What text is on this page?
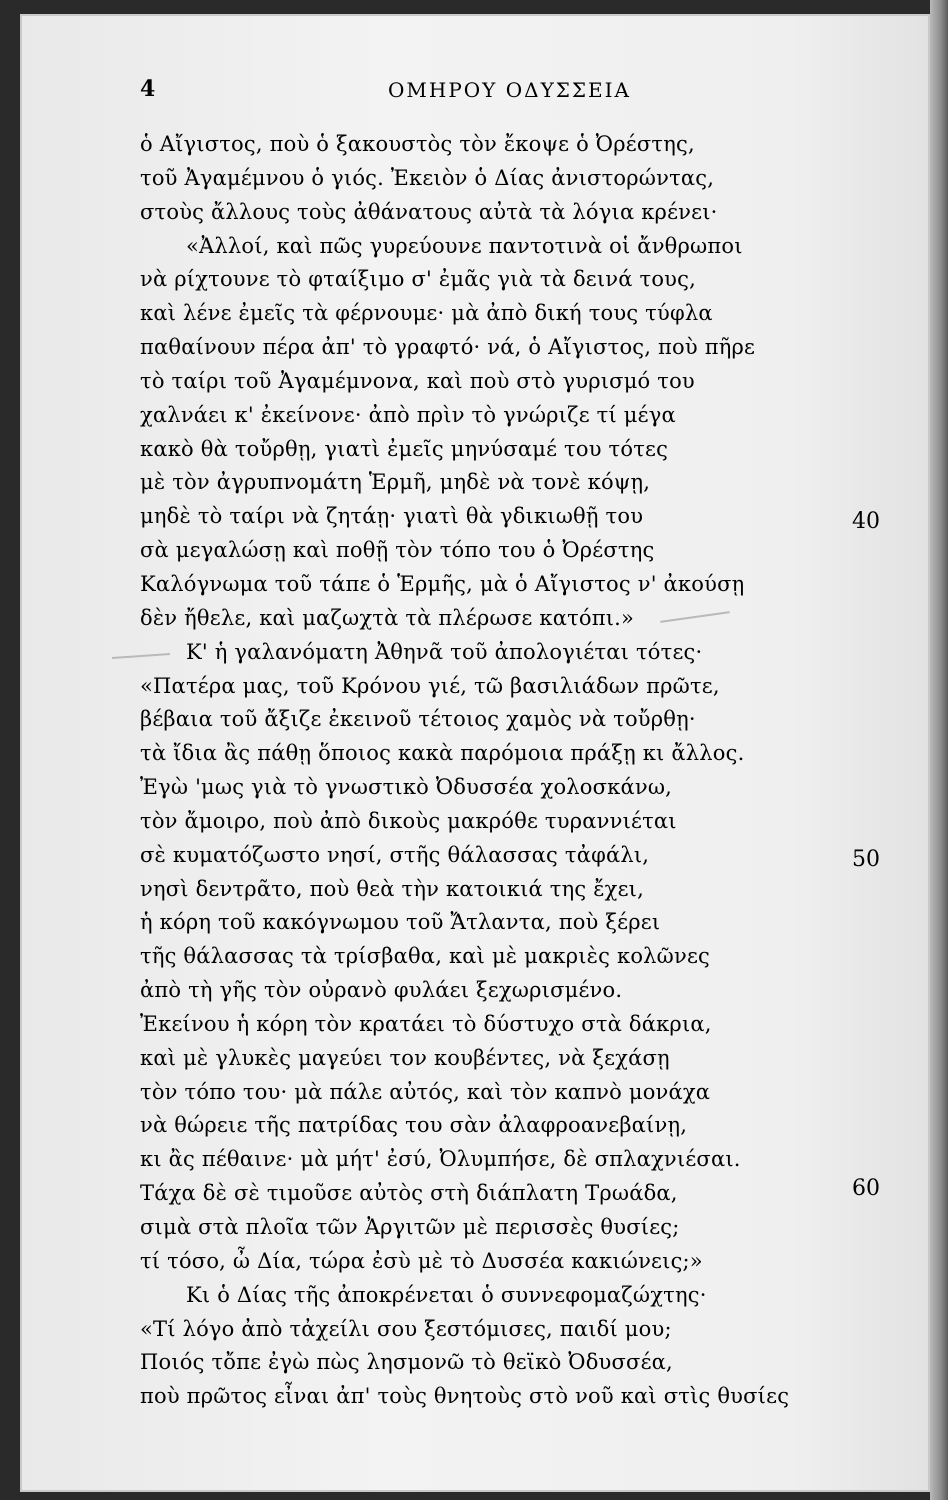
4	ΟΜΗΡΟΥ ΟΔΥΣΣΕΙΑ
ὁ Αἴγιστος, ποὺ ὁ ξακουστὸς τὸν ἔκοψε ὁ Ὀρέστης,
τοῦ Ἀγαμέμνου ὁ γιός. Ἐκειὸν ὁ Δίας ἀνιστορώντας,
στοὺς ἄλλους τοὺς ἀθάνατους αὐτὰ τὰ λόγια κρένει·
«Ἀλλοί, καὶ πῶς γυρεύουνε παντοτινὰ οἱ ἄνθρωποι
νὰ ρίχτουνε τὸ φταίξιμο σ' ἐμᾶς γιὰ τὰ δεινά τους,
καὶ λένε ἐμεῖς τὰ φέρνουμε· μὰ ἀπὸ δική τους τύφλα
παθαίνουν πέρα ἀπ' τὸ γραφτό· νά, ὁ Αἴγιστος, ποὺ πῆρε
τὸ ταίρι τοῦ Ἀγαμέμνονα, καὶ ποὺ στὸ γυρισμό του
χαλνάει κ' ἐκείνονε· ἀπὸ πρὶν τὸ γνώριζε τί μέγα
κακὸ θὰ τοὔρθῃ, γιατὶ ἐμεῖς μηνύσαμέ του τότες
μὲ τὸν ἀγρυπνομάτη Ἑρμῆ, μηδὲ νὰ τονὲ κόψῃ,
μηδὲ τὸ ταίρι νὰ ζητάῃ· γιατὶ θὰ γδικιωθῇ του
σὰ μεγαλώσῃ καὶ ποθῇ τὸν τόπο του ὁ Ὀρέστης
Καλόγνωμα τοῦ τάπε ὁ Ἑρμῆς, μὰ ὁ Αἴγιστος ν' ἀκούσῃ
δὲν ἤθελε, καὶ μαζωχτὰ τὰ πλέρωσε κατόπι.»
Κ' ἡ γαλανόματη Ἀθηνᾶ τοῦ ἀπολογιέται τότες·
«Πατέρα μας, τοῦ Κρόνου γιέ, τῶ βασιλιάδων πρῶτε,
βέβαια τοῦ ἄξιζε ἐκεινοῦ τέτοιος χαμὸς νὰ τοὔρθῃ·
τὰ ἴδια ἂς πάθῃ ὅποιος κακὰ παρόμοια πράξῃ κι ἄλλος.
Ἐγὼ 'μως γιὰ τὸ γνωστικὸ Ὀδυσσέα χολοσκάνω,
τὸν ἄμοιρο, ποὺ ἀπὸ δικοὺς μακρόθε τυραννιέται
σὲ κυματόζωστο νησί, στῆς θάλασσας τἀφάλι,
νησὶ δεντρᾶτο, ποὺ θεὰ τὴν κατοικιά της ἔχει,
ἡ κόρη τοῦ κακόγνωμου τοῦ Ἄτλαντα, ποὺ ξέρει
τῆς θάλασσας τὰ τρίσβαθα, καὶ μὲ μακριὲς κολῶνες
ἀπὸ τὴ γῆς τὸν οὐρανὸ φυλάει ξεχωρισμένο.
Ἐκείνου ἡ κόρη τὸν κρατάει τὸ δύστυχο στὰ δάκρια,
καὶ μὲ γλυκὲς μαγεύει τον κουβέντες, νὰ ξεχάσῃ
τὸν τόπο του· μὰ πάλε αὐτός, καὶ τὸν καπνὸ μονάχα
νὰ θώρειε τῆς πατρίδας του σὰν ἀλαφροανεβαίνῃ,
κι ἂς πέθαινε· μὰ μήτ' ἐσύ, Ὀλυμπήσε, δὲ σπλαχνιέσαι.
Τάχα δὲ σὲ τιμοῦσε αὐτὸς στὴ διάπλατη Τρωάδα,
σιμὰ στὰ πλοῖα τῶν Ἀργιτῶν μὲ περισσὲς θυσίες;
τί τόσο, ὦ Δία, τώρα ἐσὺ μὲ τὸ Δυσσέα κακιώνεις;»
Κι ὁ Δίας τῆς ἀποκρένεται ὁ συννεφομαζώχτης·
«Τί λόγο ἀπὸ τἀχείλι σου ξεστόμισες, παιδί μου;
Ποιός τὄπε ἐγὼ πὼς λησμονῶ τὸ θεϊκὸ Ὀδυσσέα,
ποὺ πρῶτος εἶναι ἀπ' τοὺς θνητοὺς στὸ νοῦ καὶ στὶς θυσίες
40
50
60
